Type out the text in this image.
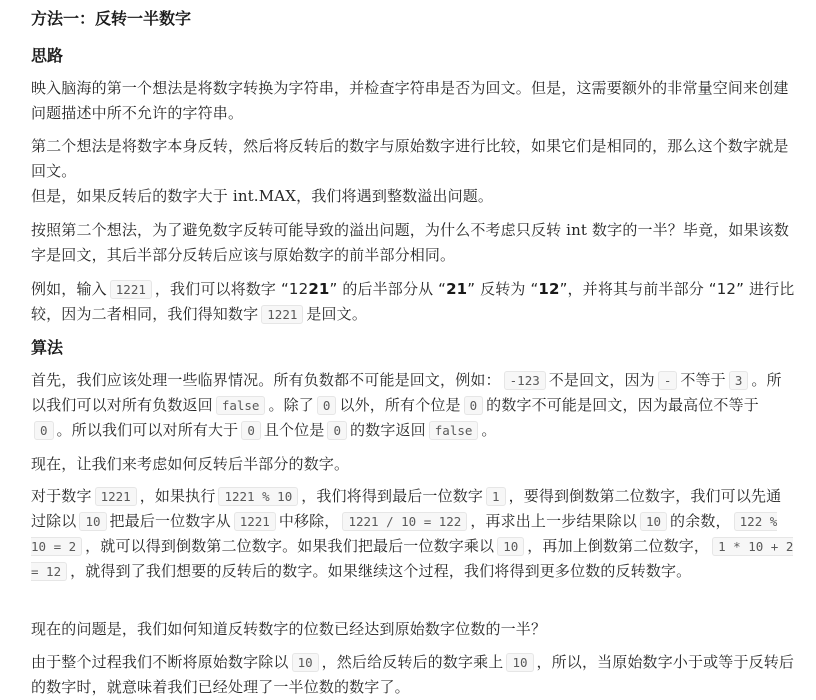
方法一：反转一半数字
思路
映入脑海的第一个想法是将数字转换为字符串，并检查字符串是否为回文。但是，这需要额外的非常量空间来创建问题描述中所不允许的字符串。
第二个想法是将数字本身反转，然后将反转后的数字与原始数字进行比较，如果它们是相同的，那么这个数字就是回文。
但是，如果反转后的数字大于 int.MAX，我们将遇到整数溢出问题。
按照第二个想法，为了避免数字反转可能导致的溢出问题，为什么不考虑只反转 int 数字的一半？毕竟，如果该数字是回文，其后半部分反转后应该与原始数字的前半部分相同。
例如，输入 1221 ，我们可以将数字 “1221” 的后半部分从 “21” 反转为 “12”，并将其与前半部分 “12” 进行比较，因为二者相同，我们得知数字 1221 是回文。
算法
首先，我们应该处理一些临界情况。所有负数都不可能是回文，例如： -123 不是回文，因为 - 不等于 3 。所以我们可以对所有负数返回 false 。除了 0 以外，所有个位是 0 的数字不可能是回文，因为最高位不等于0 。所以我们可以对所有大于 0 且个位是 0 的数字返回 false 。
现在，让我们来考虑如何反转后半部分的数字。
对于数字 1221 ，如果执行 1221 % 10 ，我们将得到最后一位数字 1 ，要得到倒数第二位数字，我们可以先通过除以 10 把最后一位数字从 1221 中移除， 1221 / 10 = 122 ，再求出上一步结果除以 10 的余数， 122 % 10 = 2 ，就可以得到倒数第二位数字。如果我们把最后一位数字乘以 10 ，再加上倒数第二位数字， 1 * 10 + 2 = 12 ，就得到了我们想要的反转后的数字。如果继续这个过程，我们将得到更多位数的反转数字。
现在的问题是，我们如何知道反转数字的位数已经达到原始数字位数的一半？
由于整个过程我们不断将原始数字除以 10 ，然后给反转后的数字乘上 10 ，所以，当原始数字小于或等于反转后的数字时，就意味着我们已经处理了一半位数的数字了。
